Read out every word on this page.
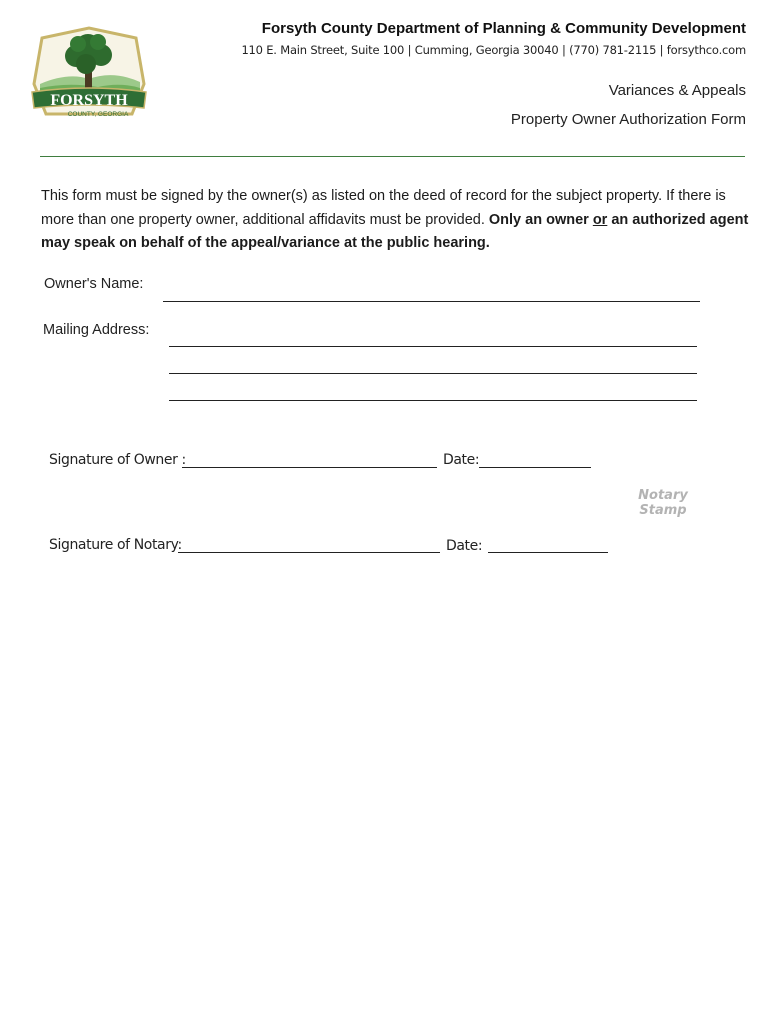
FORSYTH
COUNTY, GEORGIA
Forsyth County Department of Planning & Community Development
110 E. Main Street, Suite 100 | Cumming, Georgia 30040 | (770) 781-2115 | forsythco.com
Variances & Appeals
Property Owner Authorization Form
This form must be signed by the owner(s) as listed on the deed of record for the subject property. If there is more than one property owner, additional affidavits must be provided. Only an owner or an authorized agent may speak on behalf of the appeal/variance at the public hearing.
Owner's Name:
Mailing Address:
Signature of Owner :	Date:
Notary
Stamp
Signature of Notary:	Date:
